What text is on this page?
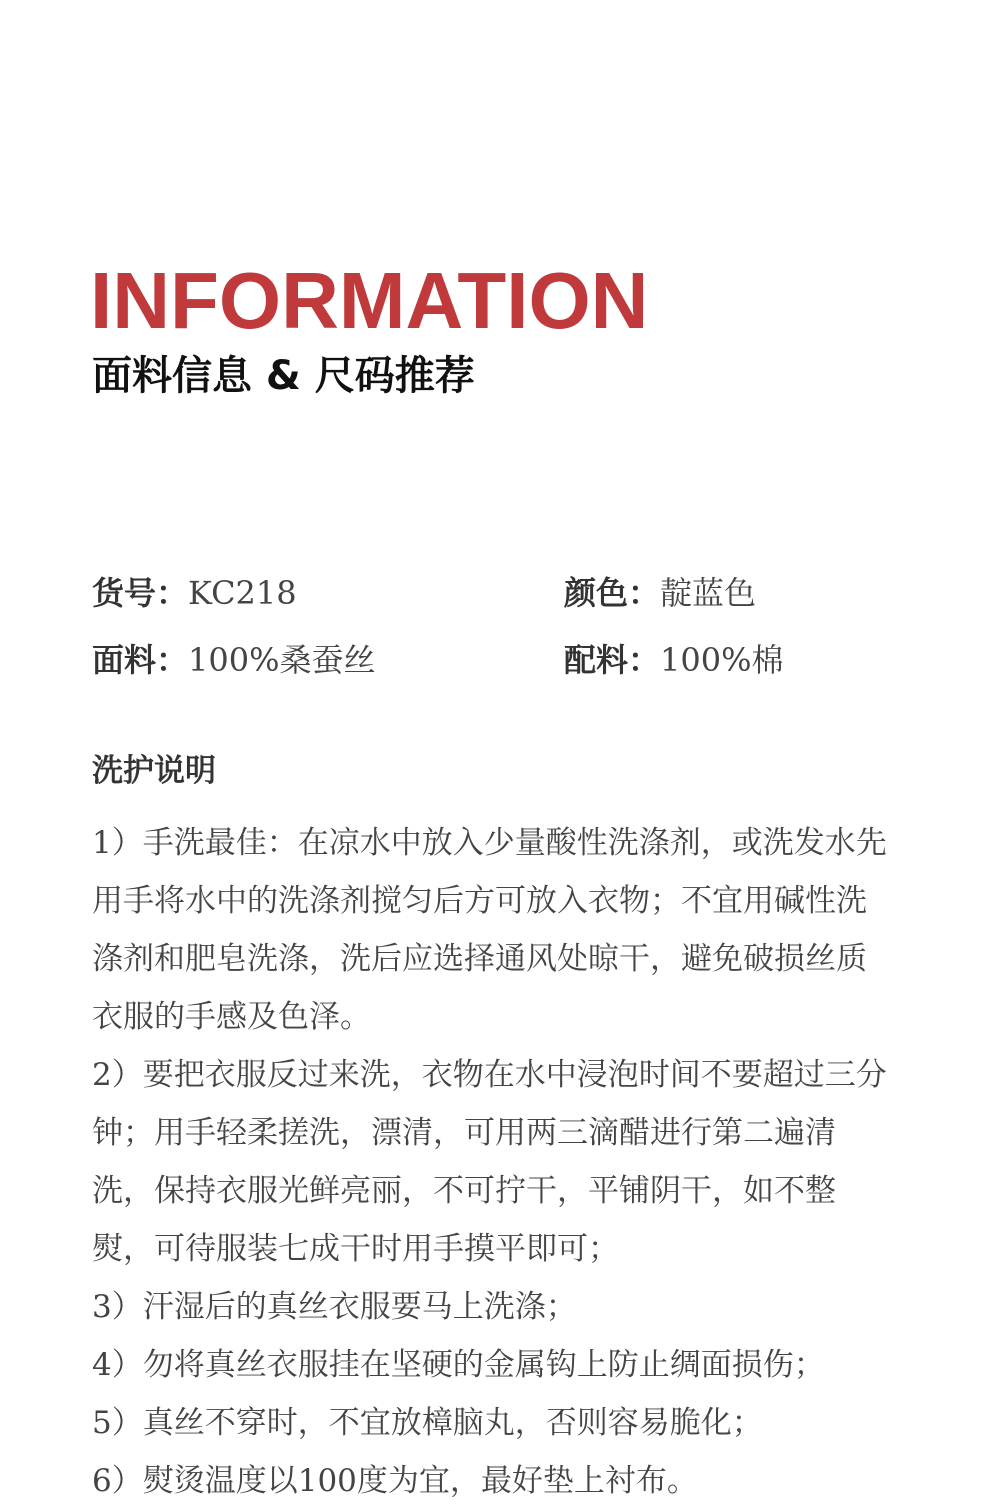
INFORMATION
面料信息 & 尺码推荐
货号：KC218	颜色：靛蓝色
面料：100%桑蚕丝	配料：100%棉
洗护说明
1）手洗最佳：在凉水中放入少量酸性洗涤剂，或洗发水先用手将水中的洗涤剂搅匀后方可放入衣物；不宜用碱性洗涤剂和肥皂洗涤，洗后应选择通风处晾干，避免破损丝质衣服的手感及色泽。
2）要把衣服反过来洗，衣物在水中浸泡时间不要超过三分钟；用手轻柔搓洗，漂清，可用两三滴醋进行第二遍清洗，保持衣服光鲜亮丽，不可拧干，平铺阴干，如不整熨，可待服装七成干时用手摸平即可；
3）汗湿后的真丝衣服要马上洗涤；
4）勿将真丝衣服挂在坚硬的金属钩上防止绸面损伤；
5）真丝不穿时，不宜放樟脑丸，否则容易脆化；
6）熨烫温度以100度为宜，最好垫上衬布。
